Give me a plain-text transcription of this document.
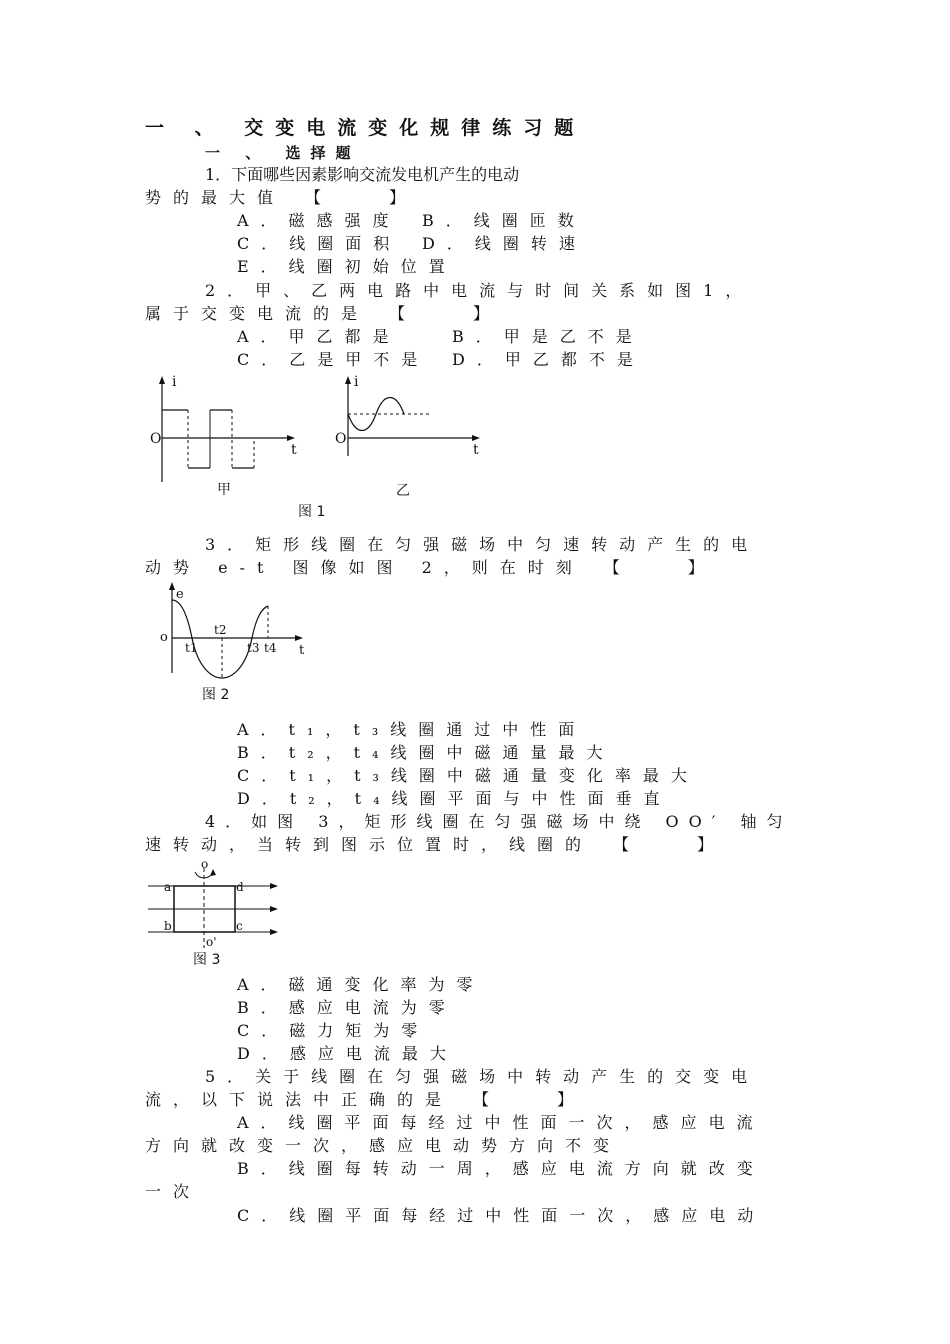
一 、 交变电流变化规律练习题
一 、 选择题
1．下面哪些因素影响交流发电机产生的电动
势的最大值　【　　】
A．磁感强度 B．线圈匝数
C．线圈面积 D．线圈转速
E．线圈初始位置
2．甲、乙两电路中电流与时间关系如图1，
属于交变电流的是　【　　】
A．甲乙都是	B．甲是乙不是
C．乙是甲不是 D．甲乙都不是
i
O
t
甲
i
O
t
乙
图 1
3．矩形线圈在匀强磁场中匀速转动产生的电
动势 e-t 图像如图 2，则在时刻　【　　】
e
o
t
t1
t2
t3 t4
图 2
A．t₁，t₃线圈通过中性面
B．t₂，t₄线圈中磁通量最大
C．t₁，t₃线圈中磁通量变化率最大
D．t₂，t₄线圈平面与中性面垂直
4．如图 3，矩形线圈在匀强磁场中绕 OO′ 轴匀
速转动，当转到图示位置时，线圈的　【　　】
o
o'
a
b	c
d
图 3
A．磁通变化率为零
B．感应电流为零
C．磁力矩为零
D．感应电流最大
5．关于线圈在匀强磁场中转动产生的交变电
流，以下说法中正确的是　【　　】
A．线圈平面每经过中性面一次，感应电流
方向就改变一次，感应电动势方向不变
B．线圈每转动一周，感应电流方向就改变
一次
C．线圈平面每经过中性面一次，感应电动
